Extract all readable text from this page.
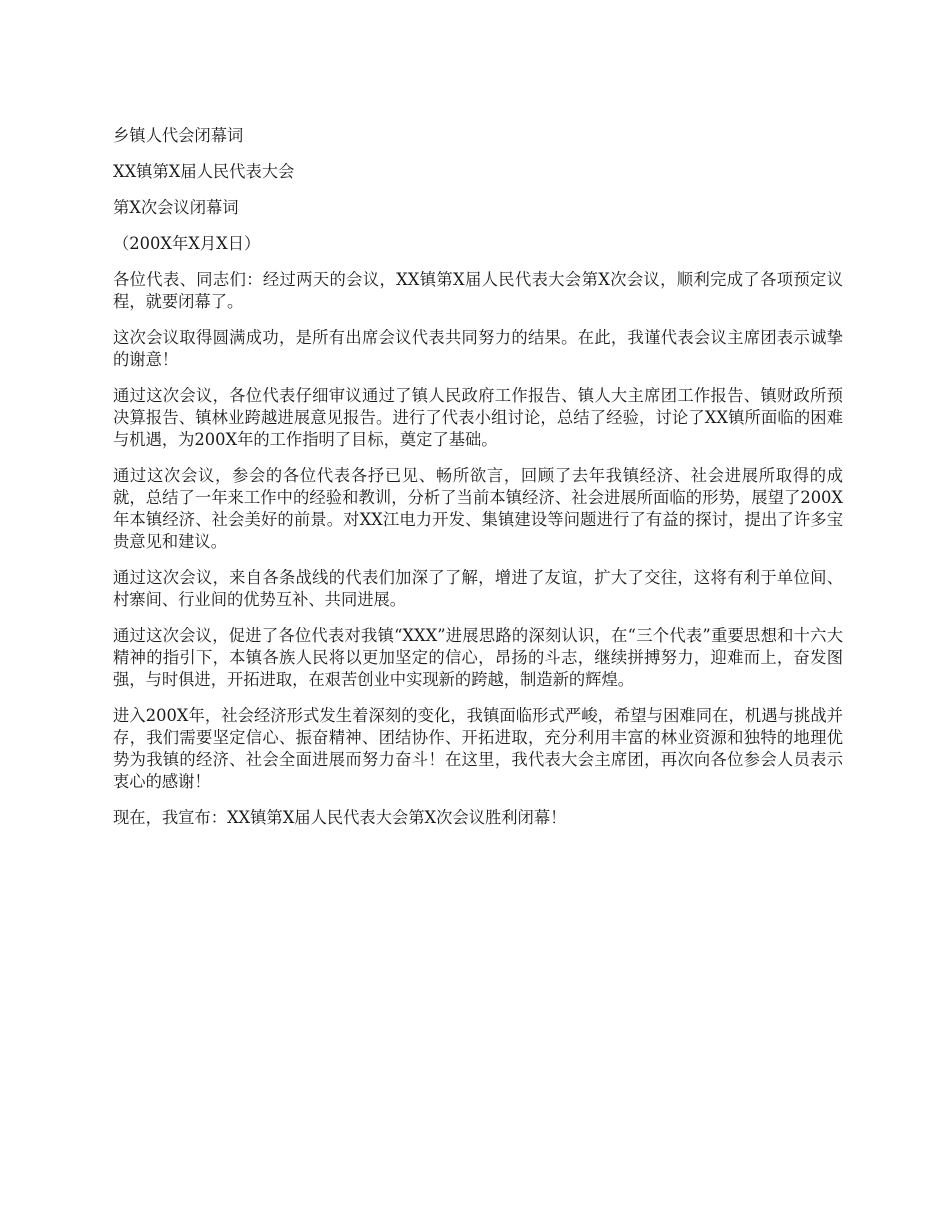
乡镇人代会闭幕词

XX镇第X届人民代表大会

第X次会议闭幕词

（200X年X月X日）

各位代表、同志们：经过两天的会议，XX镇第X届人民代表大会第X次会议，顺利完成了各项预定议程，就要闭幕了。

这次会议取得圆满成功，是所有出席会议代表共同努力的结果。在此，我谨代表会议主席团表示诚挚的谢意！

通过这次会议，各位代表仔细审议通过了镇人民政府工作报告、镇人大主席团工作报告、镇财政所预决算报告、镇林业跨越进展意见报告。进行了代表小组讨论，总结了经验，讨论了XX镇所面临的困难与机遇，为200X年的工作指明了目标，奠定了基础。

通过这次会议，参会的各位代表各抒已见、畅所欲言，回顾了去年我镇经济、社会进展所取得的成就，总结了一年来工作中的经验和教训，分析了当前本镇经济、社会进展所面临的形势，展望了200X年本镇经济、社会美好的前景。对XX江电力开发、集镇建设等问题进行了有益的探讨，提出了许多宝贵意见和建议。

通过这次会议，来自各条战线的代表们加深了了解，增进了友谊，扩大了交往，这将有利于单位间、村寨间、行业间的优势互补、共同进展。

通过这次会议，促进了各位代表对我镇“XXX”进展思路的深刻认识，在“三个代表”重要思想和十六大精神的指引下，本镇各族人民将以更加坚定的信心，昂扬的斗志，继续拼搏努力，迎难而上，奋发图强，与时俱进，开拓进取，在艰苦创业中实现新的跨越，制造新的辉煌。

进入200X年，社会经济形式发生着深刻的变化，我镇面临形式严峻，希望与困难同在，机遇与挑战并存，我们需要坚定信心、振奋精神、团结协作、开拓进取，充分利用丰富的林业资源和独特的地理优势为我镇的经济、社会全面进展而努力奋斗！在这里，我代表大会主席团，再次向各位参会人员表示衷心的感谢！

现在，我宣布：XX镇第X届人民代表大会第X次会议胜利闭幕！
